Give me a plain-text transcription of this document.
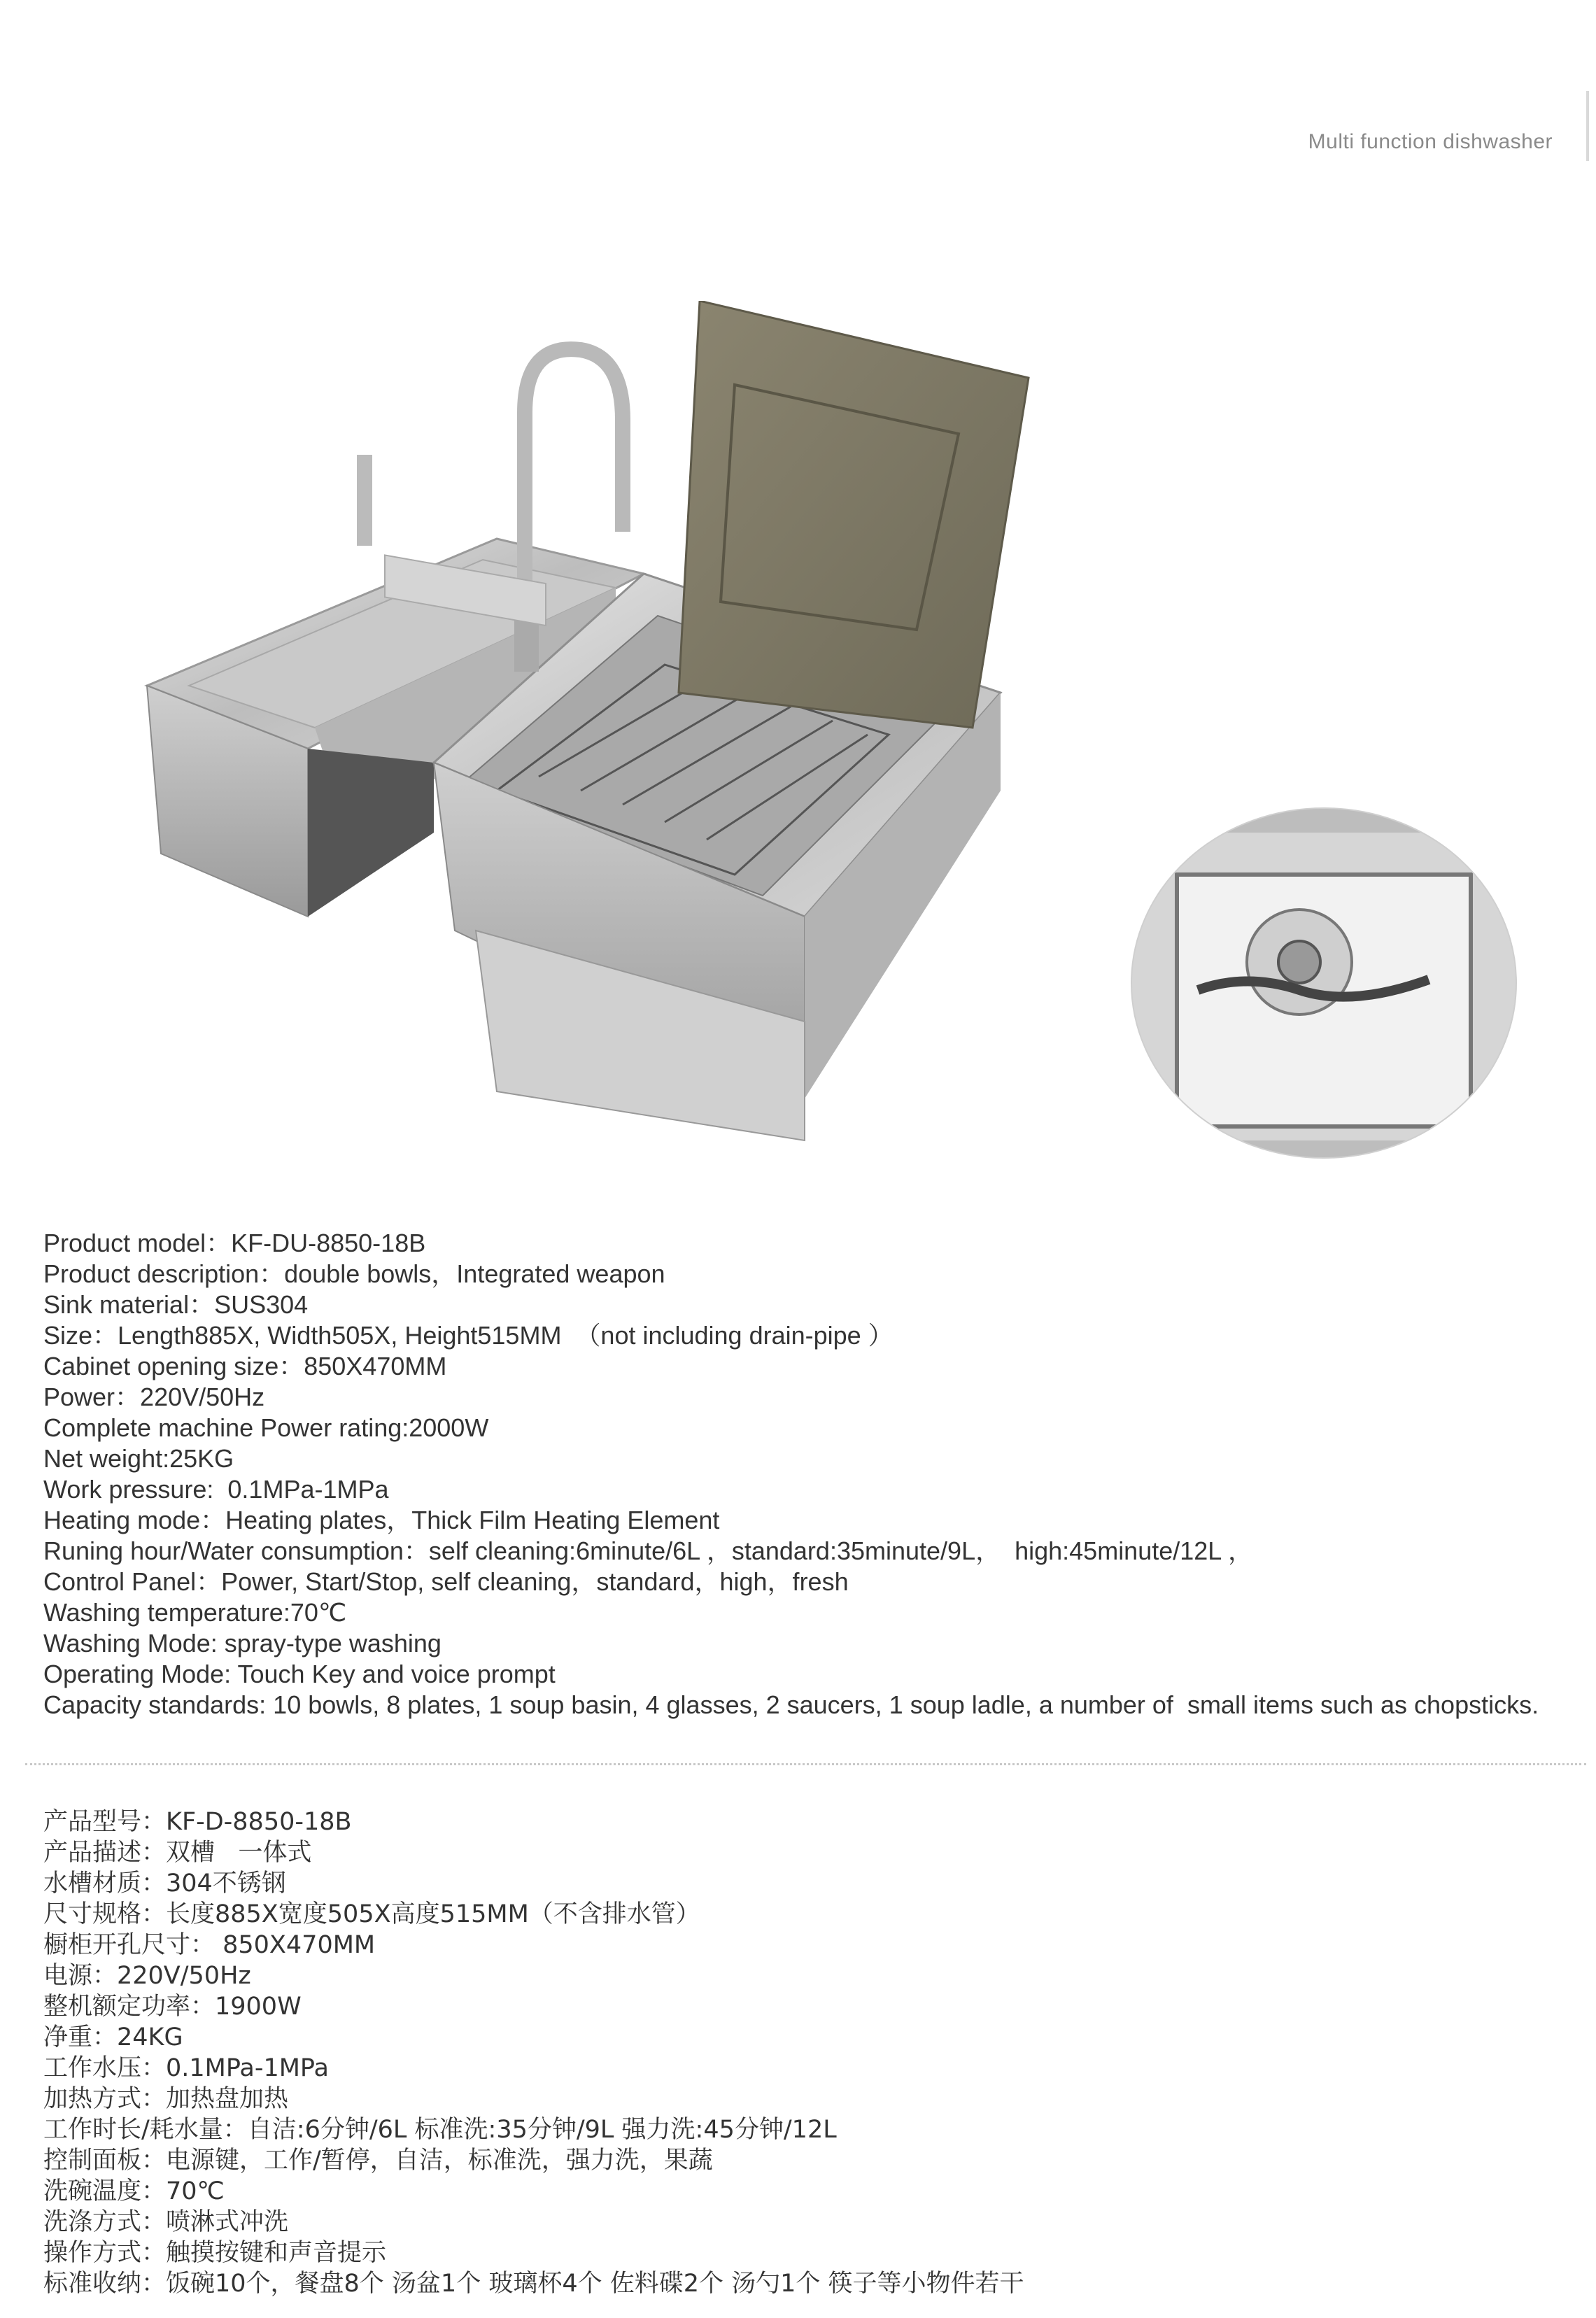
Multi function dishwasher
Product model：KF-DU-8850-18B
Product description：double bowls，Integrated weapon
Sink material：SUS304
Size：Length885X, Width505X, Height515MM  （not including drain-pipe ）
Cabinet opening size：850X470MM
Power：220V/50Hz
Complete machine Power rating:2000W
Net weight:25KG
Work pressure:  0.1MPa-1MPa
Heating mode：Heating plates，Thick Film Heating Element
Runing hour/Water consumption：self cleaning:6minute/6L ，standard:35minute/9L，  high:45minute/12L ，
Control Panel：Power, Start/Stop, self cleaning，standard，high，fresh
Washing temperature:70℃
Washing Mode: spray-type washing
Operating Mode: Touch Key and voice prompt
Capacity standards: 10 bowls, 8 plates, 1 soup basin, 4 glasses, 2 saucers, 1 soup ladle, a number of  small items such as chopsticks.
产品型号：KF-D-8850-18B
产品描述：双槽   一体式
水槽材质：304不锈钢
尺寸规格：长度885X宽度505X高度515MM（不含排水管）
橱柜开孔尺寸： 850X470MM
电源：220V/50Hz
整机额定功率：1900W
净重：24KG
工作水压：0.1MPa-1MPa
加热方式：加热盘加热
工作时长/耗水量：自洁:6分钟/6L 标准洗:35分钟/9L 强力洗:45分钟/12L
控制面板：电源键，工作/暂停，自洁，标准洗，强力洗，果蔬
洗碗温度：70℃
洗涤方式：喷淋式冲洗
操作方式：触摸按键和声音提示
标准收纳：饭碗10个，餐盘8个 汤盆1个 玻璃杯4个 佐料碟2个 汤勺1个 筷子等小物件若干
